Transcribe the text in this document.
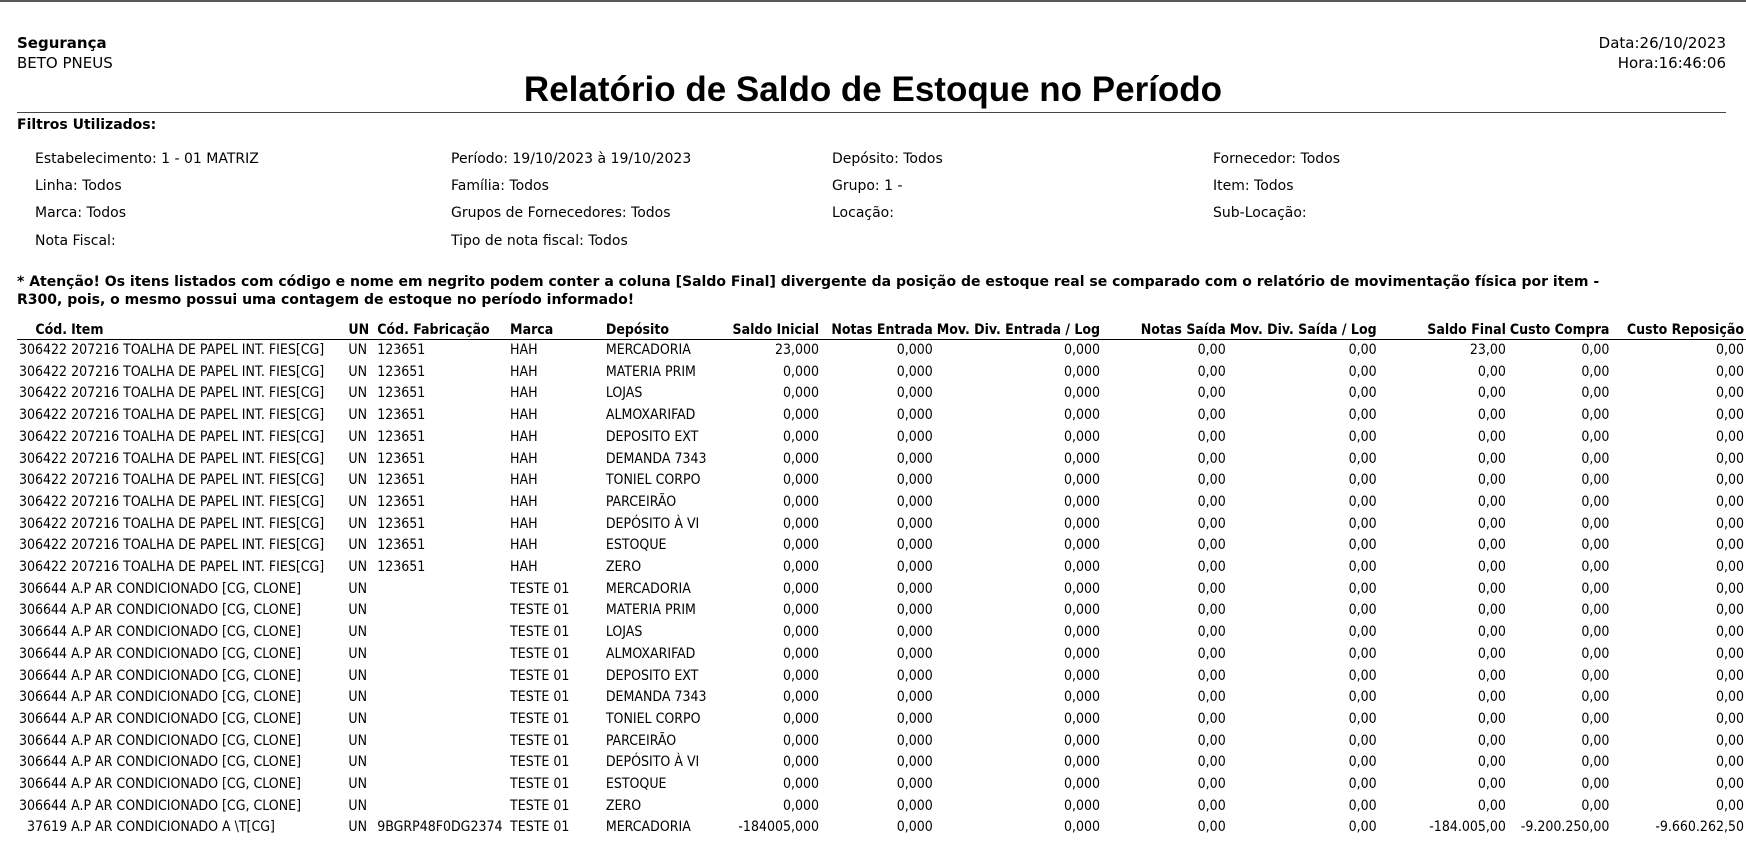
Segurança
BETO PNEUS
Data:26/10/2023
Hora:16:46:06
Relatório de Saldo de Estoque no Período
Filtros Utilizados:
Estabelecimento: 1 - 01 MATRIZ	Período: 19/10/2023 à 19/10/2023	Depósito: Todos	Fornecedor: Todos
Linha: Todos	Família: Todos	Grupo: 1 -	Item: Todos
Marca: Todos	Grupos de Fornecedores: Todos	Locação:	Sub-Locação:
Nota Fiscal:	Tipo de nota fiscal: Todos
* Atenção! Os itens listados com código e nome em negrito podem conter a coluna [Saldo Final] divergente da posição de estoque real se comparado com o relatório de movimentação física por item - R300, pois, o mesmo possui uma contagem de estoque no período informado!
Cód.	Item	UN	Cód. Fabricação	Marca	Depósito	Saldo Inicial	Notas Entrada	Mov. Div. Entrada / Log	Notas Saída	Mov. Div. Saída / Log	Saldo Final	Custo Compra	Custo Reposição
306422	207216 TOALHA DE PAPEL INT. FIES[CG]	UN	123651	HAH	MERCADORIA	23,000	0,000	0,000	0,00	0,00	23,00	0,00	0,00
306422	207216 TOALHA DE PAPEL INT. FIES[CG]	UN	123651	HAH	MATERIA PRIM	0,000	0,000	0,000	0,00	0,00	0,00	0,00	0,00
306422	207216 TOALHA DE PAPEL INT. FIES[CG]	UN	123651	HAH	LOJAS	0,000	0,000	0,000	0,00	0,00	0,00	0,00	0,00
306422	207216 TOALHA DE PAPEL INT. FIES[CG]	UN	123651	HAH	ALMOXARIFAD	0,000	0,000	0,000	0,00	0,00	0,00	0,00	0,00
306422	207216 TOALHA DE PAPEL INT. FIES[CG]	UN	123651	HAH	DEPOSITO EXT	0,000	0,000	0,000	0,00	0,00	0,00	0,00	0,00
306422	207216 TOALHA DE PAPEL INT. FIES[CG]	UN	123651	HAH	DEMANDA 7343	0,000	0,000	0,000	0,00	0,00	0,00	0,00	0,00
306422	207216 TOALHA DE PAPEL INT. FIES[CG]	UN	123651	HAH	TONIEL CORPO	0,000	0,000	0,000	0,00	0,00	0,00	0,00	0,00
306422	207216 TOALHA DE PAPEL INT. FIES[CG]	UN	123651	HAH	PARCEIRÃO	0,000	0,000	0,000	0,00	0,00	0,00	0,00	0,00
306422	207216 TOALHA DE PAPEL INT. FIES[CG]	UN	123651	HAH	DEPÓSITO À VI	0,000	0,000	0,000	0,00	0,00	0,00	0,00	0,00
306422	207216 TOALHA DE PAPEL INT. FIES[CG]	UN	123651	HAH	ESTOQUE	0,000	0,000	0,000	0,00	0,00	0,00	0,00	0,00
306422	207216 TOALHA DE PAPEL INT. FIES[CG]	UN	123651	HAH	ZERO	0,000	0,000	0,000	0,00	0,00	0,00	0,00	0,00
306644	A.P AR CONDICIONADO [CG, CLONE]	UN		TESTE 01	MERCADORIA	0,000	0,000	0,000	0,00	0,00	0,00	0,00	0,00
306644	A.P AR CONDICIONADO [CG, CLONE]	UN		TESTE 01	MATERIA PRIM	0,000	0,000	0,000	0,00	0,00	0,00	0,00	0,00
306644	A.P AR CONDICIONADO [CG, CLONE]	UN		TESTE 01	LOJAS	0,000	0,000	0,000	0,00	0,00	0,00	0,00	0,00
306644	A.P AR CONDICIONADO [CG, CLONE]	UN		TESTE 01	ALMOXARIFAD	0,000	0,000	0,000	0,00	0,00	0,00	0,00	0,00
306644	A.P AR CONDICIONADO [CG, CLONE]	UN		TESTE 01	DEPOSITO EXT	0,000	0,000	0,000	0,00	0,00	0,00	0,00	0,00
306644	A.P AR CONDICIONADO [CG, CLONE]	UN		TESTE 01	DEMANDA 7343	0,000	0,000	0,000	0,00	0,00	0,00	0,00	0,00
306644	A.P AR CONDICIONADO [CG, CLONE]	UN		TESTE 01	TONIEL CORPO	0,000	0,000	0,000	0,00	0,00	0,00	0,00	0,00
306644	A.P AR CONDICIONADO [CG, CLONE]	UN		TESTE 01	PARCEIRÃO	0,000	0,000	0,000	0,00	0,00	0,00	0,00	0,00
306644	A.P AR CONDICIONADO [CG, CLONE]	UN		TESTE 01	DEPÓSITO À VI	0,000	0,000	0,000	0,00	0,00	0,00	0,00	0,00
306644	A.P AR CONDICIONADO [CG, CLONE]	UN		TESTE 01	ESTOQUE	0,000	0,000	0,000	0,00	0,00	0,00	0,00	0,00
306644	A.P AR CONDICIONADO [CG, CLONE]	UN		TESTE 01	ZERO	0,000	0,000	0,000	0,00	0,00	0,00	0,00	0,00
37619	A.P AR CONDICIONADO A \T[CG]	UN	9BGRP48F0DG2374	TESTE 01	MERCADORIA	-184005,000	0,000	0,000	0,00	0,00	-184.005,00	-9.200.250,00	-9.660.262,50
